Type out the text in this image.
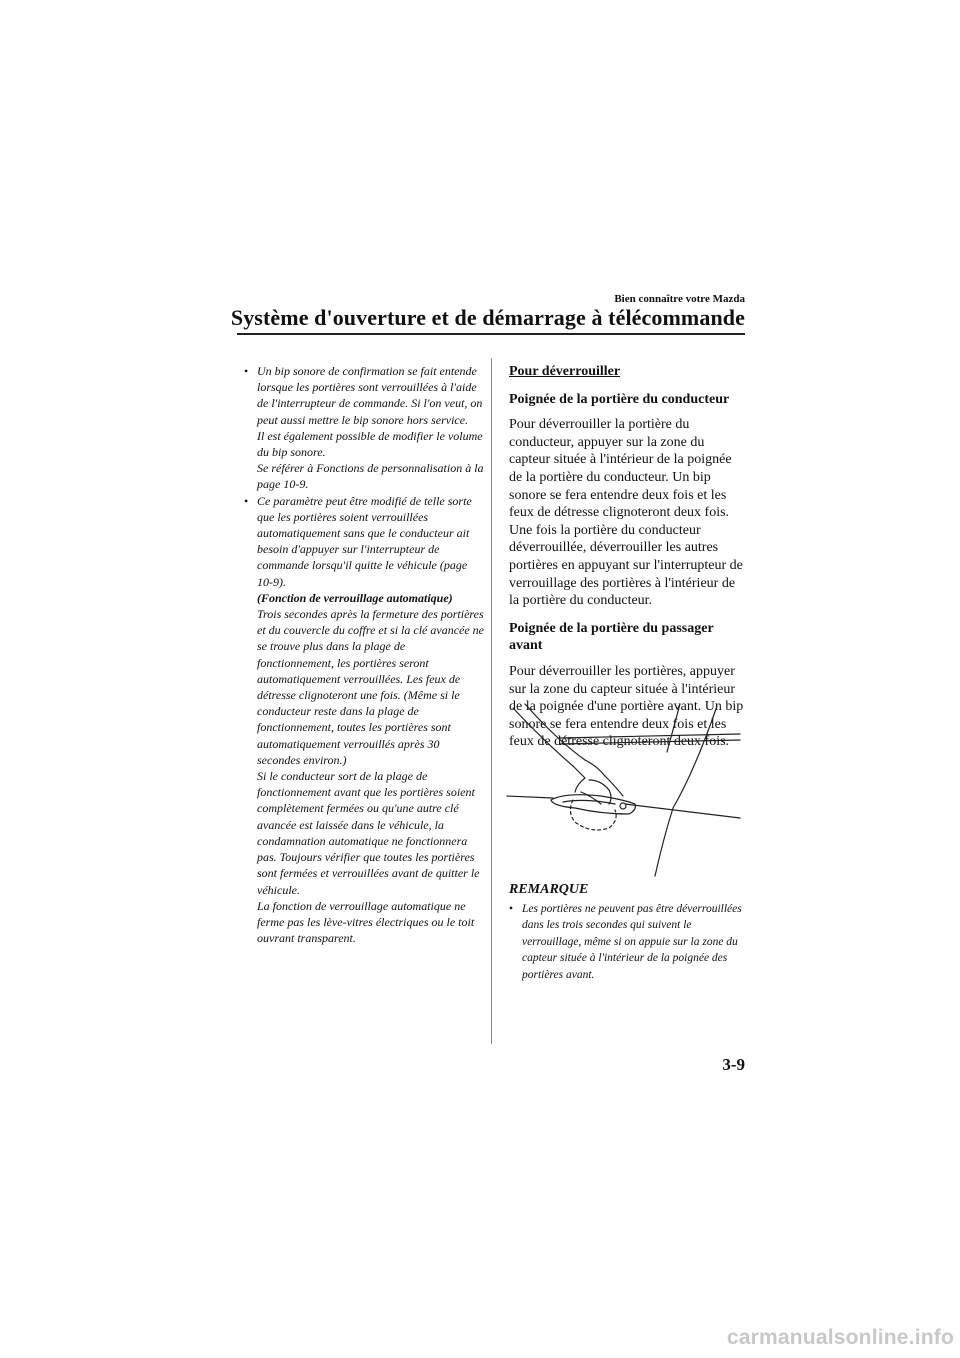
Bien connaître votre Mazda
Système d'ouverture et de démarrage à télécommande
• Un bip sonore de confirmation se fait entende lorsque les portières sont verrouillées à l'aide de l'interrupteur de commande. Si l'on veut, on peut aussi mettre le bip sonore hors service.

Il est également possible de modifier le volume du bip sonore.

Se référer à Fonctions de personnalisation à la page 10-9.

• Ce paramètre peut être modifié de telle sorte que les portières soient verrouillées automatiquement sans que le conducteur ait besoin d'appuyer sur l'interrupteur de commande lorsqu'il quitte le véhicule (page 10-9).

(Fonction de verrouillage automatique)

Trois secondes après la fermeture des portières et du couvercle du coffre et si la clé avancée ne se trouve plus dans la plage de fonctionnement, les portières seront automatiquement verrouillées. Les feux de détresse clignoteront une fois. (Même si le conducteur reste dans la plage de fonctionnement, toutes les portières sont automatiquement verrouillés après 30 secondes environ.)

Si le conducteur sort de la plage de fonctionnement avant que les portières soient complètement fermées ou qu'une autre clé avancée est laissée dans le véhicule, la condamnation automatique ne fonctionnera pas. Toujours vérifier que toutes les portières sont fermées et verrouillées avant de quitter le véhicule.

La fonction de verrouillage automatique ne ferme pas les lève-vitres électriques ou le toit ouvrant transparent.

Pour déverrouiller

Poignée de la portière du conducteur

Pour déverrouiller la portière du conducteur, appuyer sur la zone du capteur située à l'intérieur de la poignée de la portière du conducteur. Un bip sonore se fera entendre deux fois et les feux de détresse clignoteront deux fois. Une fois la portière du conducteur déverrouillée, déverrouiller les autres portières en appuyant sur l'interrupteur de verrouillage des portières à l'intérieur de la portière du conducteur.

Poignée de la portière du passager avant

Pour déverrouiller les portières, appuyer sur la zone du capteur située à l'intérieur de la poignée d'une portière avant. Un bip sonore se fera entendre deux fois et les feux de détresse clignoteront deux fois.

REMARQUE
• Les portières ne peuvent pas être déverrouillées dans les trois secondes qui suivent le verrouillage, même si on appuie sur la zone du capteur située à l'intérieur de la poignée des portières avant.

3-9
carmanualsonline.info
